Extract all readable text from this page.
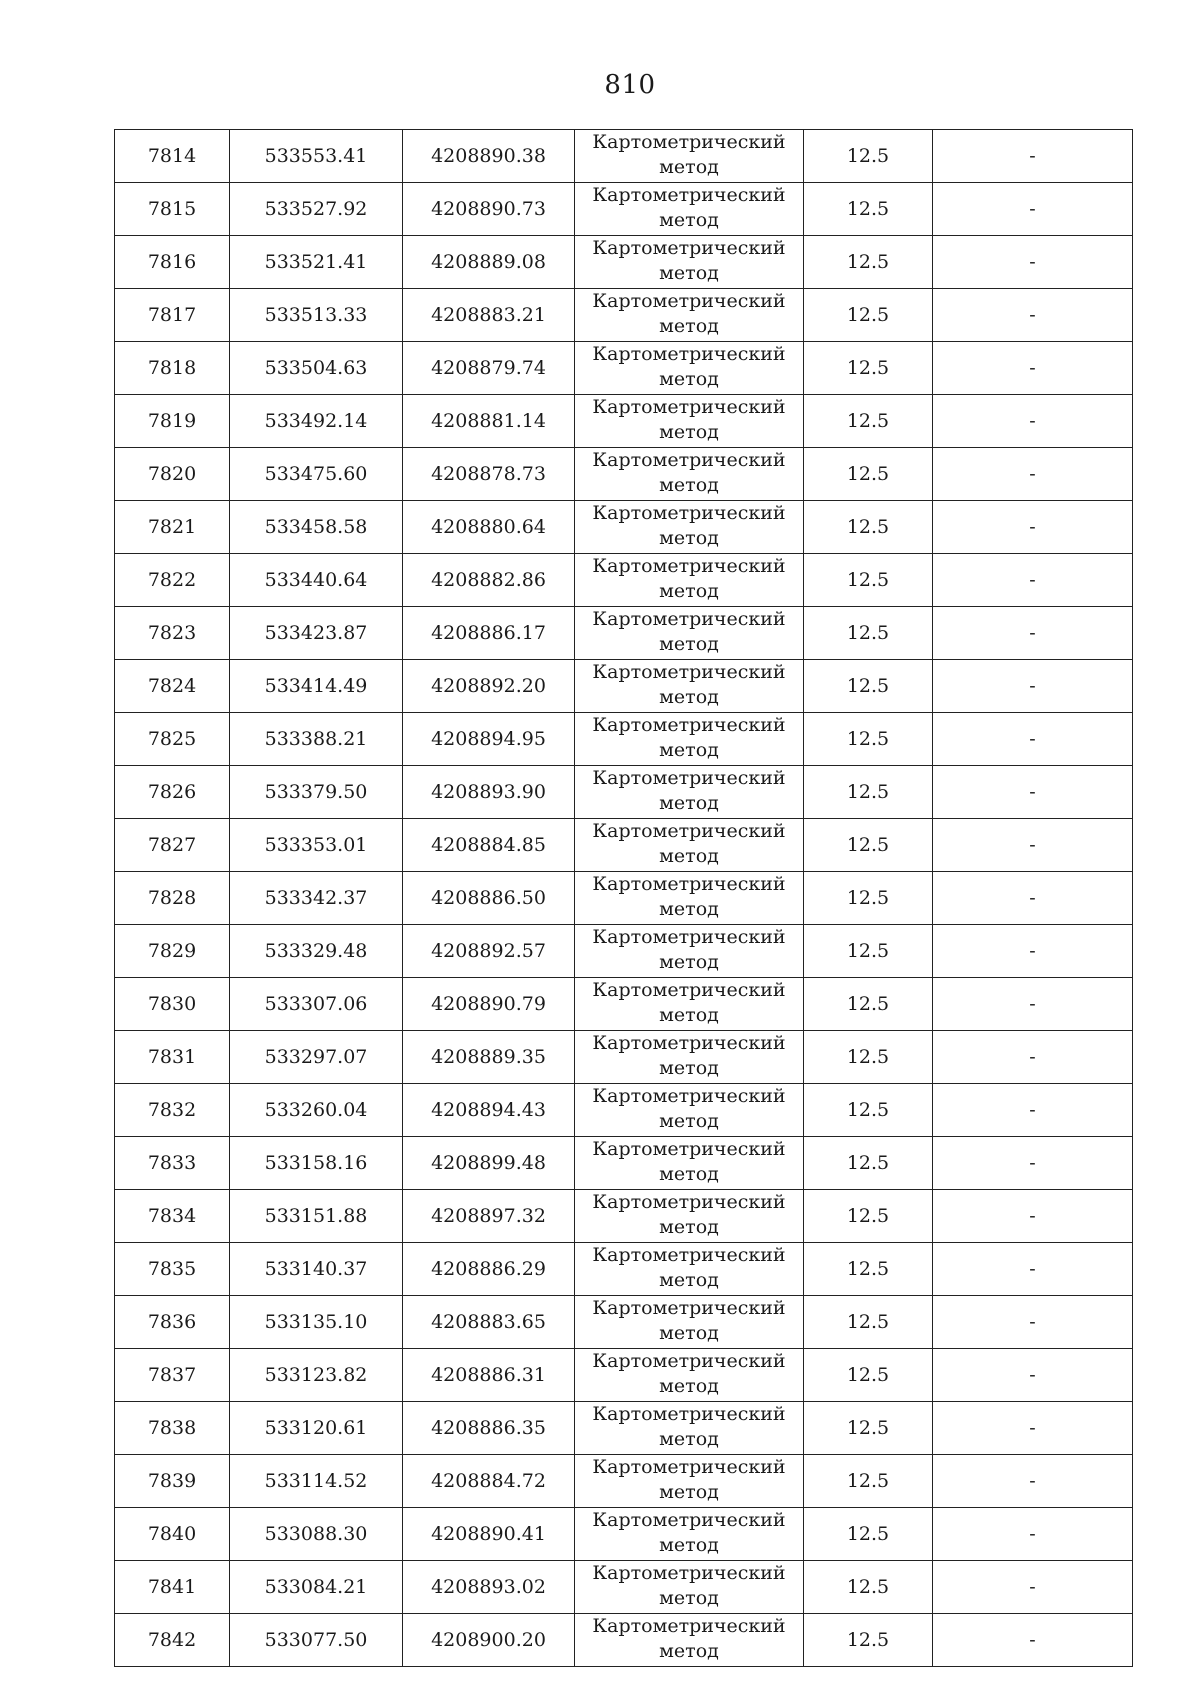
810
7814	533553.41	4208890.38	Картометрический
метод	12.5	-
7815	533527.92	4208890.73	Картометрический
метод	12.5	-
7816	533521.41	4208889.08	Картометрический
метод	12.5	-
7817	533513.33	4208883.21	Картометрический
метод	12.5	-
7818	533504.63	4208879.74	Картометрический
метод	12.5	-
7819	533492.14	4208881.14	Картометрический
метод	12.5	-
7820	533475.60	4208878.73	Картометрический
метод	12.5	-
7821	533458.58	4208880.64	Картометрический
метод	12.5	-
7822	533440.64	4208882.86	Картометрический
метод	12.5	-
7823	533423.87	4208886.17	Картометрический
метод	12.5	-
7824	533414.49	4208892.20	Картометрический
метод	12.5	-
7825	533388.21	4208894.95	Картометрический
метод	12.5	-
7826	533379.50	4208893.90	Картометрический
метод	12.5	-
7827	533353.01	4208884.85	Картометрический
метод	12.5	-
7828	533342.37	4208886.50	Картометрический
метод	12.5	-
7829	533329.48	4208892.57	Картометрический
метод	12.5	-
7830	533307.06	4208890.79	Картометрический
метод	12.5	-
7831	533297.07	4208889.35	Картометрический
метод	12.5	-
7832	533260.04	4208894.43	Картометрический
метод	12.5	-
7833	533158.16	4208899.48	Картометрический
метод	12.5	-
7834	533151.88	4208897.32	Картометрический
метод	12.5	-
7835	533140.37	4208886.29	Картометрический
метод	12.5	-
7836	533135.10	4208883.65	Картометрический
метод	12.5	-
7837	533123.82	4208886.31	Картометрический
метод	12.5	-
7838	533120.61	4208886.35	Картометрический
метод	12.5	-
7839	533114.52	4208884.72	Картометрический
метод	12.5	-
7840	533088.30	4208890.41	Картометрический
метод	12.5	-
7841	533084.21	4208893.02	Картометрический
метод	12.5	-
7842	533077.50	4208900.20	Картометрический
метод	12.5	-
